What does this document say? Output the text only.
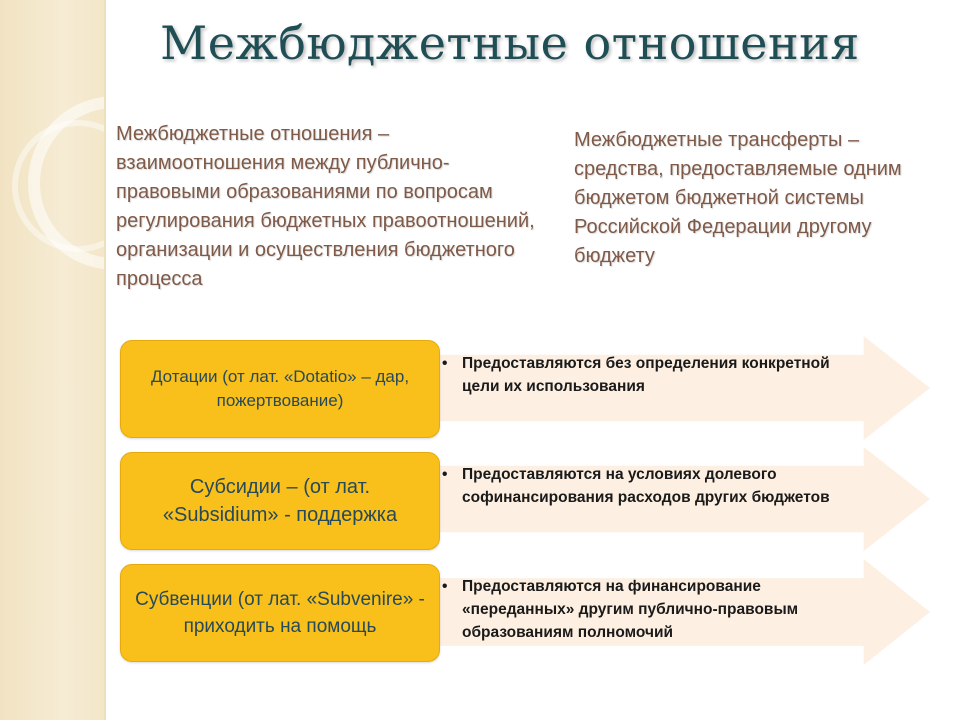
Межбюджетные отношения
Межбюджетные отношения – взаимоотношения между публично-правовыми образованиями по вопросам регулирования бюджетных правоотношений, организации и осуществления бюджетного процесса
Межбюджетные трансферты – средства, предоставляемые одним бюджетом бюджетной системы Российской Федерации другому бюджету
• Предоставляются без определения конкретной цели их использования
Дотации (от лат. «Dotatio» – дар, пожертвование)
• Предоставляются на условиях долевого софинансирования расходов других бюджетов
Субсидии – (от лат. «Subsidium» - поддержка
• Предоставляются на финансирование «переданных» другим публично-правовым образованиям полномочий
Субвенции (от лат. «Subvenire» - приходить на помощь
